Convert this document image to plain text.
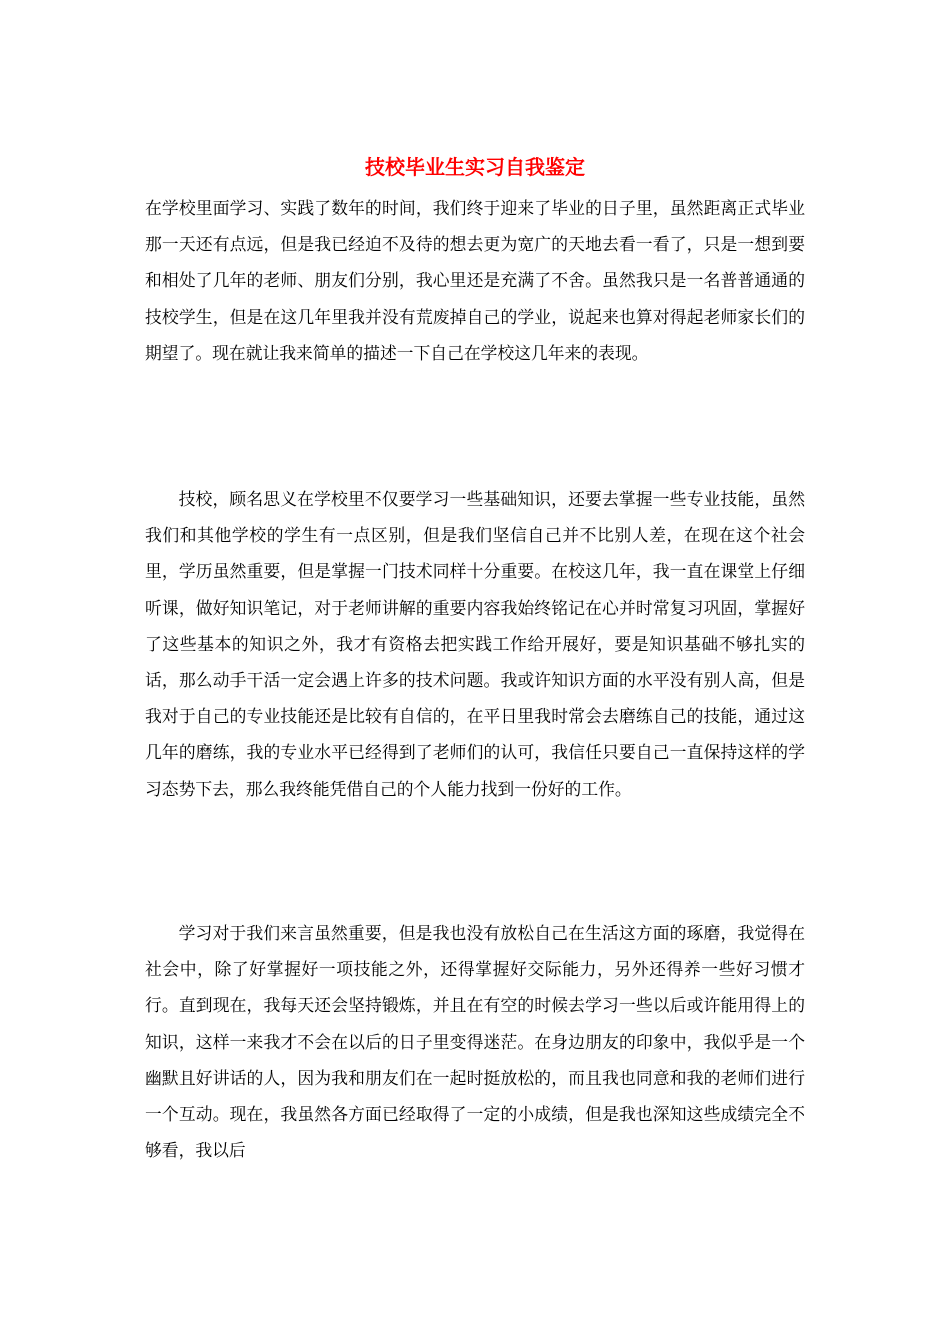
技校毕业生实习自我鉴定

在学校里面学习、实践了数年的时间，我们终于迎来了毕业的日子里，虽然距离正式毕业那一天还有点远，但是我已经迫不及待的想去更为宽广的天地去看一看了，只是一想到要和相处了几年的老师、朋友们分别，我心里还是充满了不舍。虽然我只是一名普普通通的技校学生，但是在这几年里我并没有荒废掉自己的学业，说起来也算对得起老师家长们的期望了。现在就让我来简单的描述一下自己在学校这几年来的表现。

技校，顾名思义在学校里不仅要学习一些基础知识，还要去掌握一些专业技能，虽然我们和其他学校的学生有一点区别，但是我们坚信自己并不比别人差，在现在这个社会里，学历虽然重要，但是掌握一门技术同样十分重要。在校这几年，我一直在课堂上仔细听课，做好知识笔记，对于老师讲解的重要内容我始终铭记在心并时常复习巩固，掌握好了这些基本的知识之外，我才有资格去把实践工作给开展好，要是知识基础不够扎实的话，那么动手干活一定会遇上许多的技术问题。我或许知识方面的水平没有别人高，但是我对于自己的专业技能还是比较有自信的，在平日里我时常会去磨练自己的技能，通过这几年的磨练，我的专业水平已经得到了老师们的认可，我信任只要自己一直保持这样的学习态势下去，那么我终能凭借自己的个人能力找到一份好的工作。

学习对于我们来言虽然重要，但是我也没有放松自己在生活这方面的琢磨，我觉得在社会中，除了好掌握好一项技能之外，还得掌握好交际能力，另外还得养一些好习惯才行。直到现在，我每天还会坚持锻炼，并且在有空的时候去学习一些以后或许能用得上的知识，这样一来我才不会在以后的日子里变得迷茫。在身边朋友的印象中，我似乎是一个幽默且好讲话的人，因为我和朋友们在一起时挺放松的，而且我也同意和我的老师们进行一个互动。现在，我虽然各方面已经取得了一定的小成绩，但是我也深知这些成绩完全不够看，我以后
